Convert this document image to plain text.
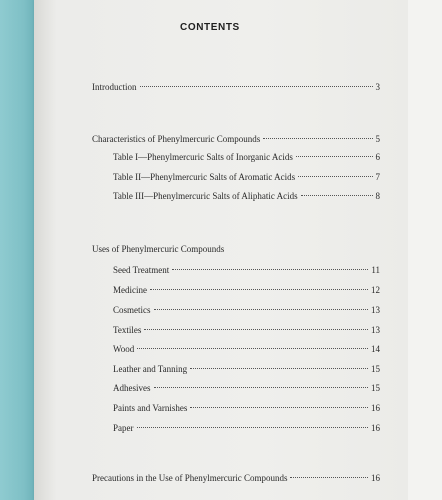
CONTENTS
Introduction	3
Characteristics of Phenylmercuric Compounds	5
Table I—Phenylmercuric Salts of Inorganic Acids	6
Table II—Phenylmercuric Salts of Aromatic Acids	7
Table III—Phenylmercuric Salts of Aliphatic Acids	8
Uses of Phenylmercuric Compounds
Seed Treatment	11
Medicine	12
Cosmetics	13
Textiles	13
Wood	14
Leather and Tanning	15
Adhesives	15
Paints and Varnishes	16
Paper	16
Precautions in the Use of Phenylmercuric Compounds	16
